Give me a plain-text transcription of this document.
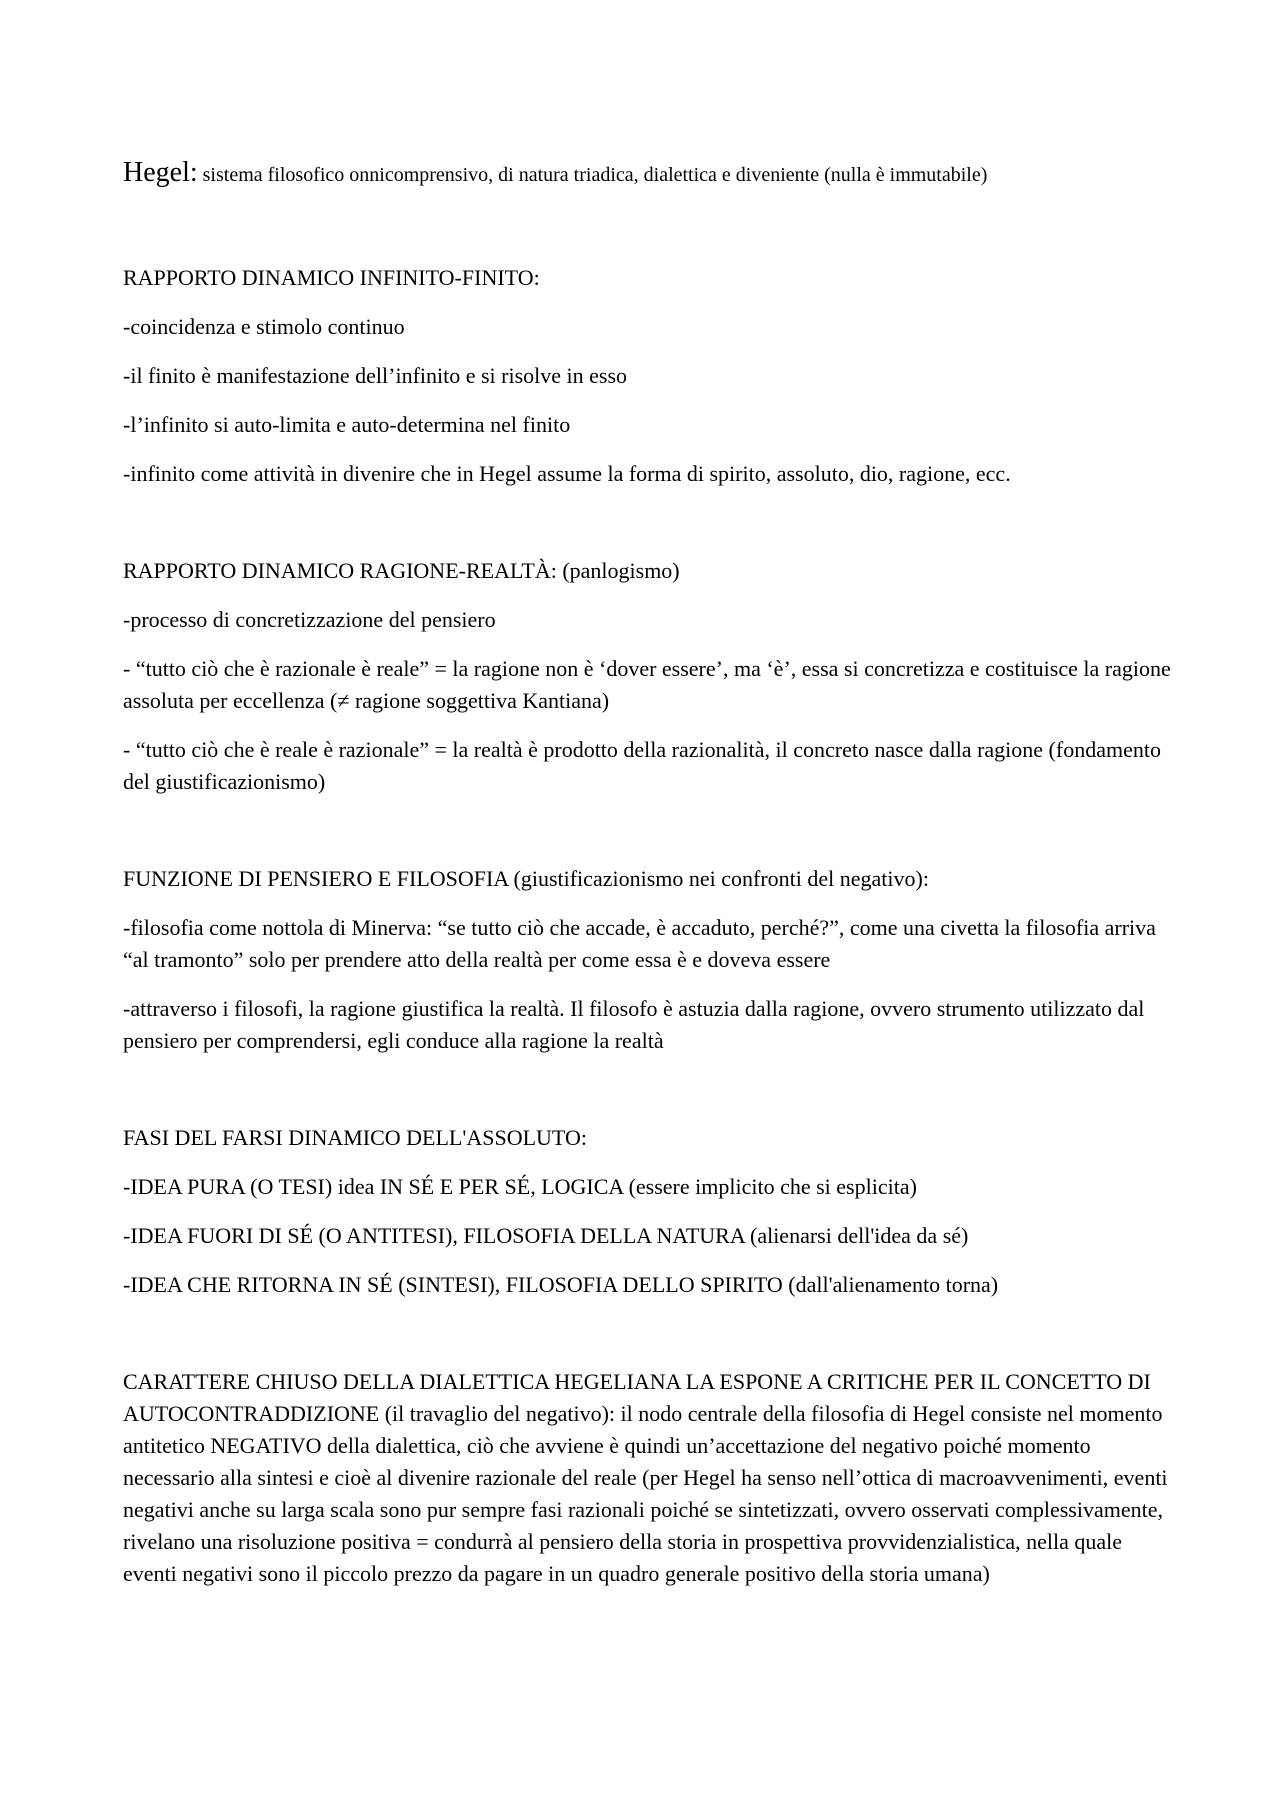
Hegel: sistema filosofico onnicomprensivo, di natura triadica, dialettica e diveniente (nulla è immutabile)

RAPPORTO DINAMICO INFINITO-FINITO:

-coincidenza e stimolo continuo

-il finito è manifestazione dell’infinito e si risolve in esso

-l’infinito si auto-limita e auto-determina nel finito

-infinito come attività in divenire che in Hegel assume la forma di spirito, assoluto, dio, ragione, ecc.

RAPPORTO DINAMICO RAGIONE-REALTÀ: (panlogismo)

-processo di concretizzazione del pensiero

- “tutto ciò che è razionale è reale” = la ragione non è ‘dover essere’, ma ‘è’, essa si concretizza e costituisce la ragione assoluta per eccellenza (≠ ragione soggettiva Kantiana)

- “tutto ciò che è reale è razionale” = la realtà è prodotto della razionalità, il concreto nasce dalla ragione (fondamento del giustificazionismo)

FUNZIONE DI PENSIERO E FILOSOFIA (giustificazionismo nei confronti del negativo):

-filosofia come nottola di Minerva: “se tutto ciò che accade, è accaduto, perché?”, come una civetta la filosofia arriva “al tramonto” solo per prendere atto della realtà per come essa è e doveva essere

-attraverso i filosofi, la ragione giustifica la realtà. Il filosofo è astuzia dalla ragione, ovvero strumento utilizzato dal pensiero per comprendersi, egli conduce alla ragione la realtà

FASI DEL FARSI DINAMICO DELL'ASSOLUTO:

-IDEA PURA (O TESI) idea IN SÉ E PER SÉ, LOGICA (essere implicito che si esplicita)

-IDEA FUORI DI SÉ (O ANTITESI), FILOSOFIA DELLA NATURA (alienarsi dell'idea da sé)

-IDEA CHE RITORNA IN SÉ (SINTESI), FILOSOFIA DELLO SPIRITO (dall'alienamento torna)

CARATTERE CHIUSO DELLA DIALETTICA HEGELIANA LA ESPONE A CRITICHE PER IL CONCETTO DI AUTOCONTRADDIZIONE (il travaglio del negativo): il nodo centrale della filosofia di Hegel consiste nel momento antitetico NEGATIVO della dialettica, ciò che avviene è quindi un’accettazione del negativo poiché momento necessario alla sintesi e cioè al divenire razionale del reale (per Hegel ha senso nell’ottica di macroavvenimenti, eventi negativi anche su larga scala sono pur sempre fasi razionali poiché se sintetizzati, ovvero osservati complessivamente, rivelano una risoluzione positiva = condurrà al pensiero della storia in prospettiva provvidenzialistica, nella quale eventi negativi sono il piccolo prezzo da pagare in un quadro generale positivo della storia umana)
